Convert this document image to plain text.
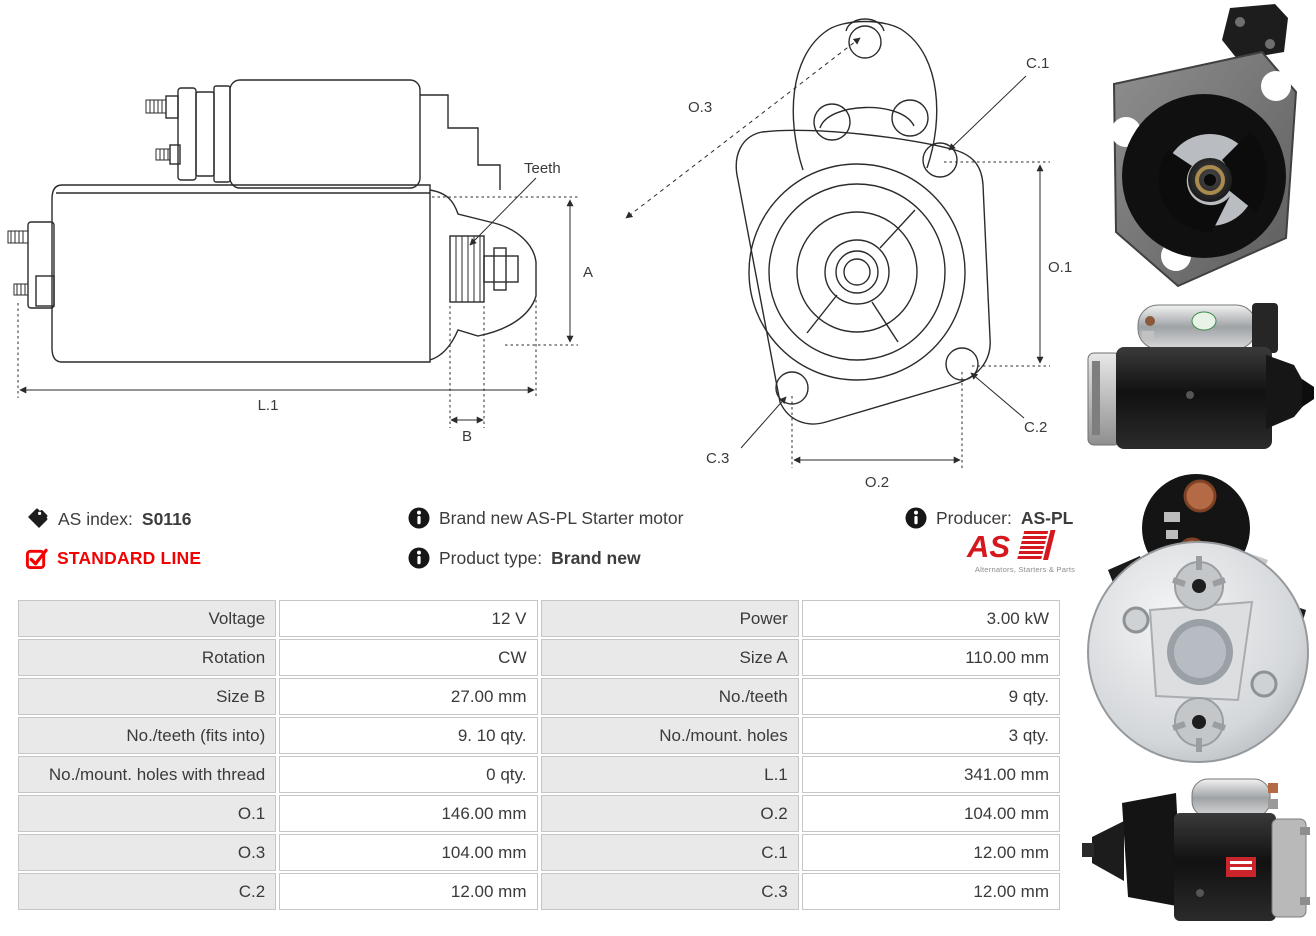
Teeth
A
L.1
B
O.3
C.1
O.1
C.2
C.3
O.2
AS index: S0116
STANDARD LINE
Brand new AS-PL Starter motor
Product type: Brand new
Producer: AS-PL
AS
Alternators, Starters & Parts
Voltage	12 V	Power	3.00 kW
Rotation	CW	Size A	110.00 mm
Size B	27.00 mm	No./teeth	9 qty.
No./teeth (fits into)	9. 10 qty.	No./mount. holes	3 qty.
No./mount. holes with thread	0 qty.	L.1	341.00 mm
O.1	146.00 mm	O.2	104.00 mm
O.3	104.00 mm	C.1	12.00 mm
C.2	12.00 mm	C.3	12.00 mm
